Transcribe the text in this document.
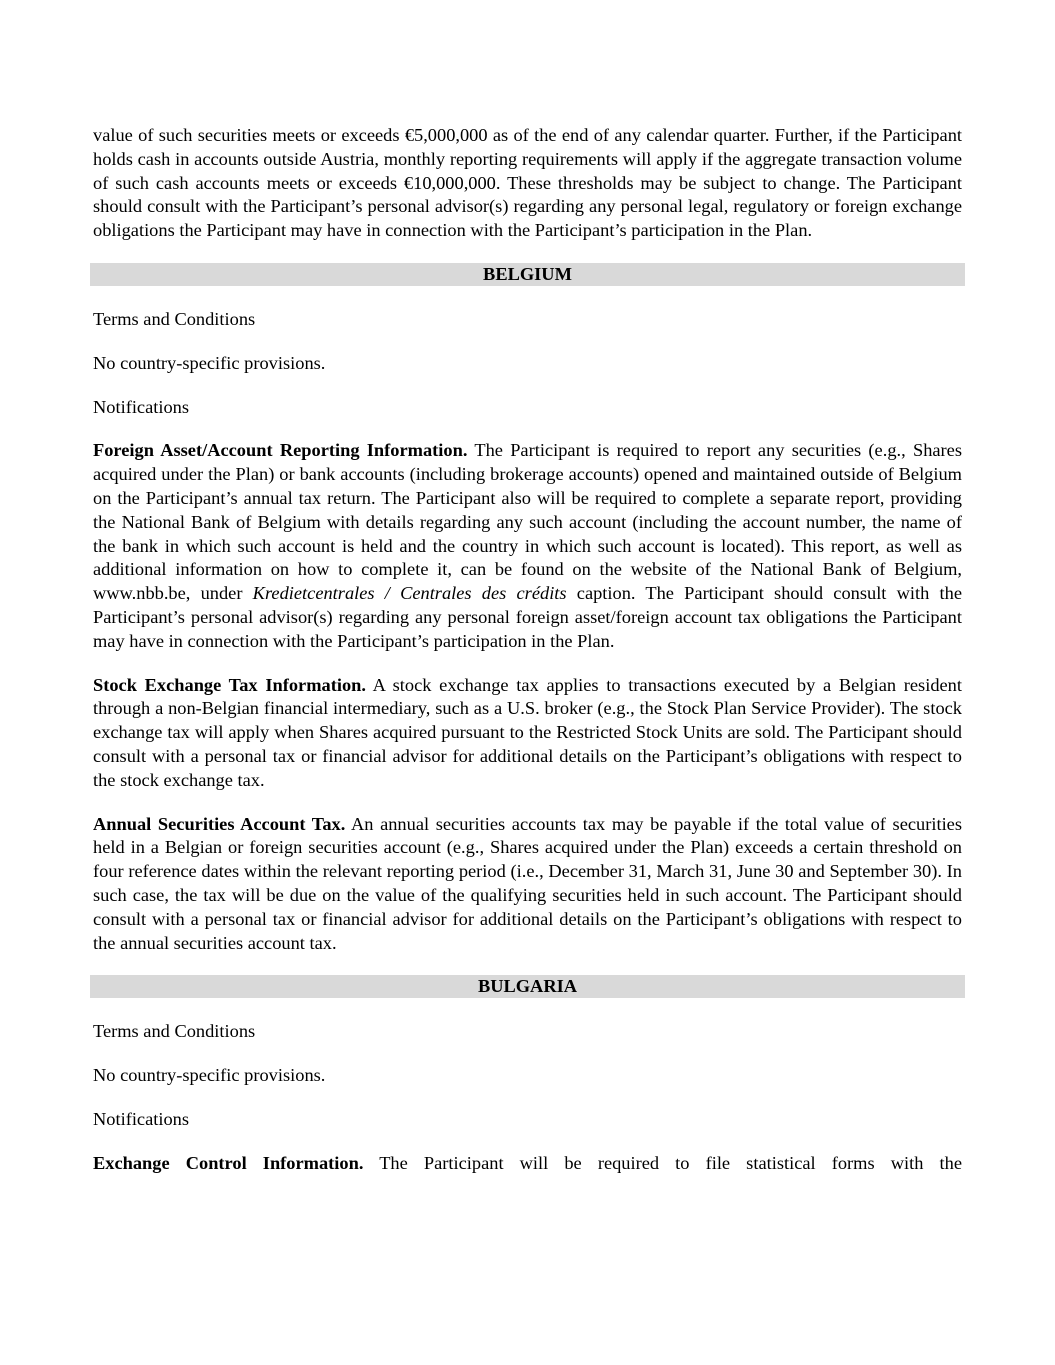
value of such securities meets or exceeds €5,000,000 as of the end of any calendar quarter. Further, if the Participant holds cash in accounts outside Austria, monthly reporting requirements will apply if the aggregate transaction volume of such cash accounts meets or exceeds €10,000,000. These thresholds may be subject to change. The Participant should consult with the Participant’s personal advisor(s) regarding any personal legal, regulatory or foreign exchange obligations the Participant may have in connection with the Participant’s participation in the Plan.

BELGIUM

Terms and Conditions

No country-specific provisions.

Notifications

Foreign Asset/Account Reporting Information. The Participant is required to report any securities (e.g., Shares acquired under the Plan) or bank accounts (including brokerage accounts) opened and maintained outside of Belgium on the Participant’s annual tax return. The Participant also will be required to complete a separate report, providing the National Bank of Belgium with details regarding any such account (including the account number, the name of the bank in which such account is held and the country in which such account is located). This report, as well as additional information on how to complete it, can be found on the website of the National Bank of Belgium, www.nbb.be, under Kredietcentrales / Centrales des crédits caption. The Participant should consult with the Participant’s personal advisor(s) regarding any personal foreign asset/foreign account tax obligations the Participant may have in connection with the Participant’s participation in the Plan.

Stock Exchange Tax Information. A stock exchange tax applies to transactions executed by a Belgian resident through a non-Belgian financial intermediary, such as a U.S. broker (e.g., the Stock Plan Service Provider). The stock exchange tax will apply when Shares acquired pursuant to the Restricted Stock Units are sold. The Participant should consult with a personal tax or financial advisor for additional details on the Participant’s obligations with respect to the stock exchange tax.

Annual Securities Account Tax. An annual securities accounts tax may be payable if the total value of securities held in a Belgian or foreign securities account (e.g., Shares acquired under the Plan) exceeds a certain threshold on four reference dates within the relevant reporting period (i.e., December 31, March 31, June 30 and September 30). In such case, the tax will be due on the value of the qualifying securities held in such account. The Participant should consult with a personal tax or financial advisor for additional details on the Participant’s obligations with respect to the annual securities account tax.

BULGARIA

Terms and Conditions

No country-specific provisions.

Notifications

Exchange Control Information. The Participant will be required to file statistical forms with the
